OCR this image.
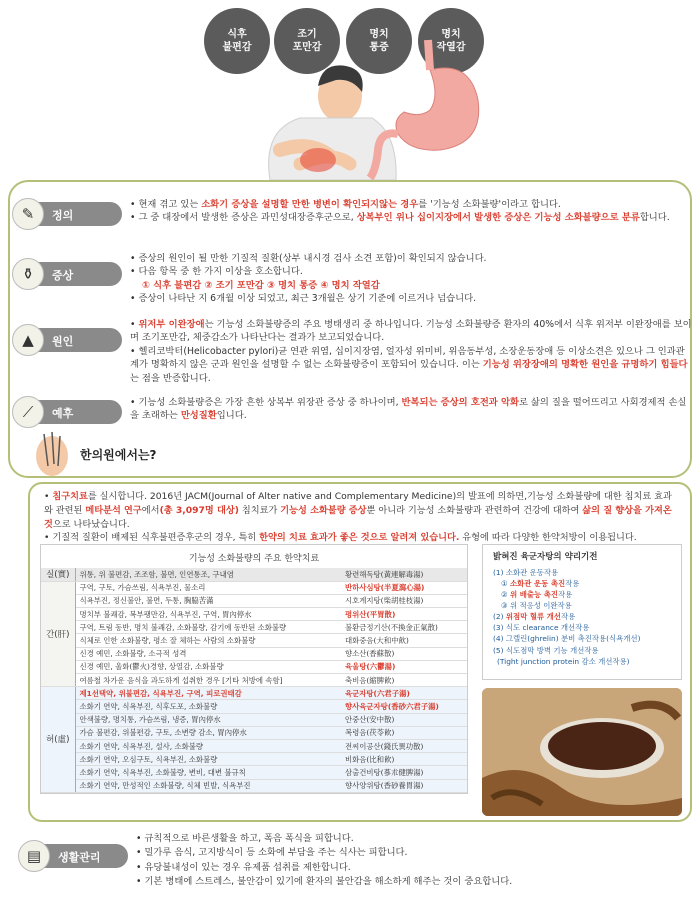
식후
불편감
조기
포만감
명치
통증
명치
작열감
✎	정의

• 현재 겪고 있는 소화기 증상을 설명할 만한 병변이 확인되지않는 경우를 '기능성 소화불량'이라고 합니다.

• 그 중 대장에서 발생한 증상은 과민성대장증후군으로, 상복부인 위나 십이지장에서 발생한 증상은 기능성 소화불량으로 분류합니다.

⚱	증상

• 증상의 원인이 될 만한 기질적 질환(상부 내시경 검사 소견 포함)이 확인되지 않습니다.

• 다음 항목 중 한 가지 이상을 호소합니다.

① 식후 불편감 ② 조기 포만감 ③ 명치 통증 ④ 명치 작열감

• 증상이 나타난 지 6개월 이상 되었고, 최근 3개월은 상기 기준에 이르거나 넘습니다.

▲	원인

• 위저부 이완장애는 기능성 소화불량증의 주요 병태생리 중 하나입니다. 기능성 소화불량증 환자의 40%에서 식후 위저부 이완장애를 보이며 조기포만감, 체중감소가 나타난다는 결과가 보고되었습니다.

• 헬리코박터(Helicobacter pylori)균 연관 위염, 십이지장염, 얼자성 위미비, 위음동부성, 소장운동장애 등 이상소견은 있으나 그 인과관계가 명확하지 않은 군과 원인을 설명할 수 없는 소화불량증이 포함되어 있습니다. 이는 기능성 위장장애의 명확한 원인을 규명하기 힘들다는 점을 반증합니다.

⟋	예후

• 기능성 소화불량증은 가장 흔한 상복부 위장관 증상 중 하나이며, 반복되는 증상의 호전과 악화로 삶의 질을 떨어뜨리고 사회경제적 손실을 초래하는 만성질환입니다.

한의원에서는?

• 침구치료를 실시합니다. 2016년 JACM(Journal of Alter native and Complementary Medicine)의 발표에 의하면,기능성 소화불량에 대한 침치료 효과와 관련된 메타분석 연구에서(총 3,097명 대상) 침치료가 기능성 소화불량 증상뿐 아니라 기능성 소화불량과 관련하여 건강에 대하여 삶의 질 향상을 가져온 것으로 나타났습니다.

• 기질적 질환이 배제된 식후불편증후군의 경우, 특히 한약의 치료 효과가 좋은 것으로 알려져 있습니다. 유형에 따라 다양한 한약처방이 이용됩니다.

기능성 소화불량의 주요 한약치료
실(實)	위통, 위 불편감, 조조함, 불면, 인연통조, 구내염	황련해독탕(黃連解毒湯)
간(肝)	구역, 구토, 가슴쓰림, 식욕부진, 물소리	반하사심탕(半夏瀉心湯)
	식욕부진, 정신불안, 불면, 두통, 胸脇苦滿	시호계지탕(柴胡桂枝湯)
	명치부 불쾌감, 복부팽만감, 식욕부진, 구역, 胃內停水	평위산(平胃散)
	구역, 트림 동반, 명치 불쾌감, 소화불량, 감기에 동반된 소화불량	불환금정기산(不換金正氣散)
	식체로 인한 소화불량, 평소 잘 체하는 사람의 소화불량	대화중음(大和中飮)
	신경 예민, 소화불량, 소극적 성격	향소산(香蘇散)
	신경 예민, 울화(鬱火)경향, 상열감, 소화불량	육울탕(六鬱湯)
	여름철 차가운 음식을 과도하게 섭취한 경우 [기타 처방에 속함]	축비음(縮脾飮)
허(虛)	제1선택약, 위불편감, 식욕부진, 구역, 피로권태감	육군자탕(六君子湯)
	소화기 연약, 식욕부진, 식후도포, 소화불량	향사육군자탕(香砂六君子湯)
	안색불량, 명치통, 가슴쓰림, 냉증, 胃內停水	안중산(安中散)
	가슴 불편감, 위불편감, 구토, 소변량 감소, 胃內停水	복령음(茯苓飮)
	소화기 연약, 식욕부진, 설사, 소화불량	전씨이공산(錢氏異功散)
	소화기 연약, 오심구토, 식욕부진, 소화불량	비화음(比和飮)
	소화기 연약, 식욕부진, 소화불량, 변비, 대변 불규칙	삼출건비탕(蔘朮健脾湯)
	소화기 연약, 만성적인 소화불량, 식체 빈발, 식욕부진	향사양위탕(香砂養胃湯)
밝혀진 육군자탕의 약리기전
(1) 소화관 운동작용
① 소화관 운동 촉진작용
② 위 배출능 촉진작용
③ 위 적응성 이완작용
(2) 위점막 혈류 개선작용
(3) 식도 clearance 개선작용
(4) 그렐린(ghrelin) 분비 촉진작용(식욕개선)
(5) 식도점막 방벽 기능 개선작용
(Tight junction protein 감소 개선작용)
▤	생활관리

• 규칙적으로 바른생활을 하고, 폭음 폭식을 피합니다.

• 밀가루 음식, 고지방식이 등 소화에 부담을 주는 식사는 피합니다.

• 유당불내성이 있는 경우 유제품 섭취를 제한합니다.

• 기본 병태에 스트레스, 불안감이 있기에 환자의 불안감을 해소하게 해주는 것이 중요합니다.
